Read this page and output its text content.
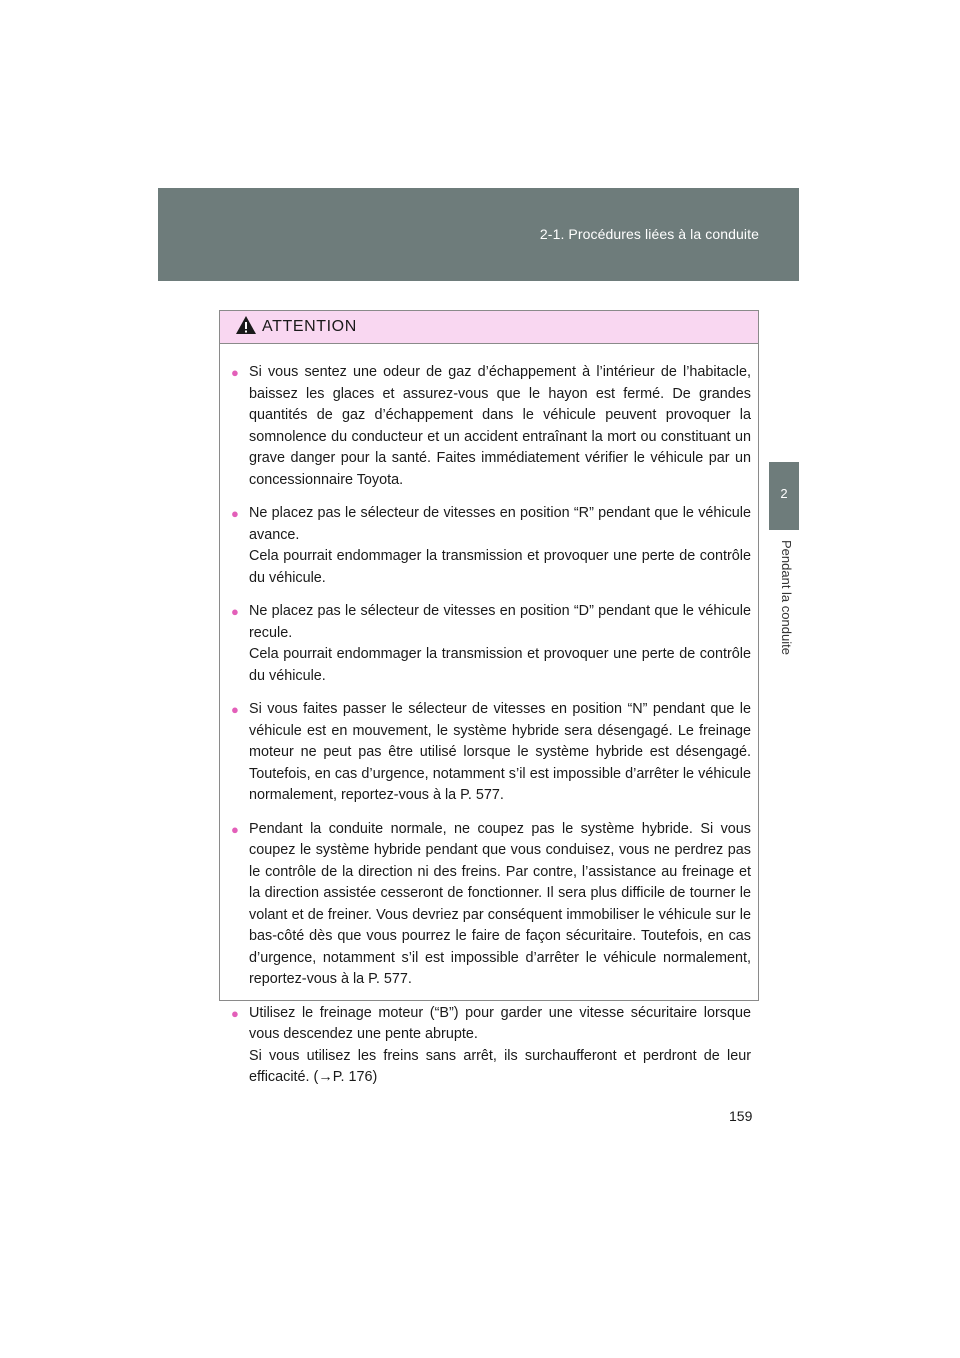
2-1. Procédures liées à la conduite
2
Pendant la conduite
ATTENTION
● Si vous sentez une odeur de gaz d’échappement à l’intérieur de l’habitacle, baissez les glaces et assurez-vous que le hayon est fermé. De grandes quantités de gaz d’échappement dans le véhicule peuvent provoquer la somnolence du conducteur et un accident entraînant la mort ou constituant un grave danger pour la santé. Faites immédiatement vérifier le véhicule par un concessionnaire Toyota.
● Ne placez pas le sélecteur de vitesses en position “R” pendant que le véhicule avance.
Cela pourrait endommager la transmission et provoquer une perte de contrôle du véhicule.
● Ne placez pas le sélecteur de vitesses en position “D” pendant que le véhicule recule.
Cela pourrait endommager la transmission et provoquer une perte de contrôle du véhicule.
● Si vous faites passer le sélecteur de vitesses en position “N” pendant que le véhicule est en mouvement, le système hybride sera désengagé. Le freinage moteur ne peut pas être utilisé lorsque le système hybride est désengagé. Toutefois, en cas d’urgence, notamment s’il est impossible d’arrêter le véhicule normalement, reportez-vous à la P. 577.
● Pendant la conduite normale, ne coupez pas le système hybride. Si vous coupez le système hybride pendant que vous conduisez, vous ne perdrez pas le contrôle de la direction ni des freins. Par contre, l’assistance au freinage et la direction assistée cesseront de fonctionner. Il sera plus difficile de tourner le volant et de freiner. Vous devriez par conséquent immobiliser le véhicule sur le bas-côté dès que vous pourrez le faire de façon sécuritaire. Toutefois, en cas d’urgence, notamment s’il est impossible d’arrêter le véhicule normalement, reportez-vous à la P. 577.
● Utilisez le freinage moteur (“B”) pour garder une vitesse sécuritaire lorsque vous descendez une pente abrupte.
Si vous utilisez les freins sans arrêt, ils surchaufferont et perdront de leur efficacité. (→P. 176)
159
